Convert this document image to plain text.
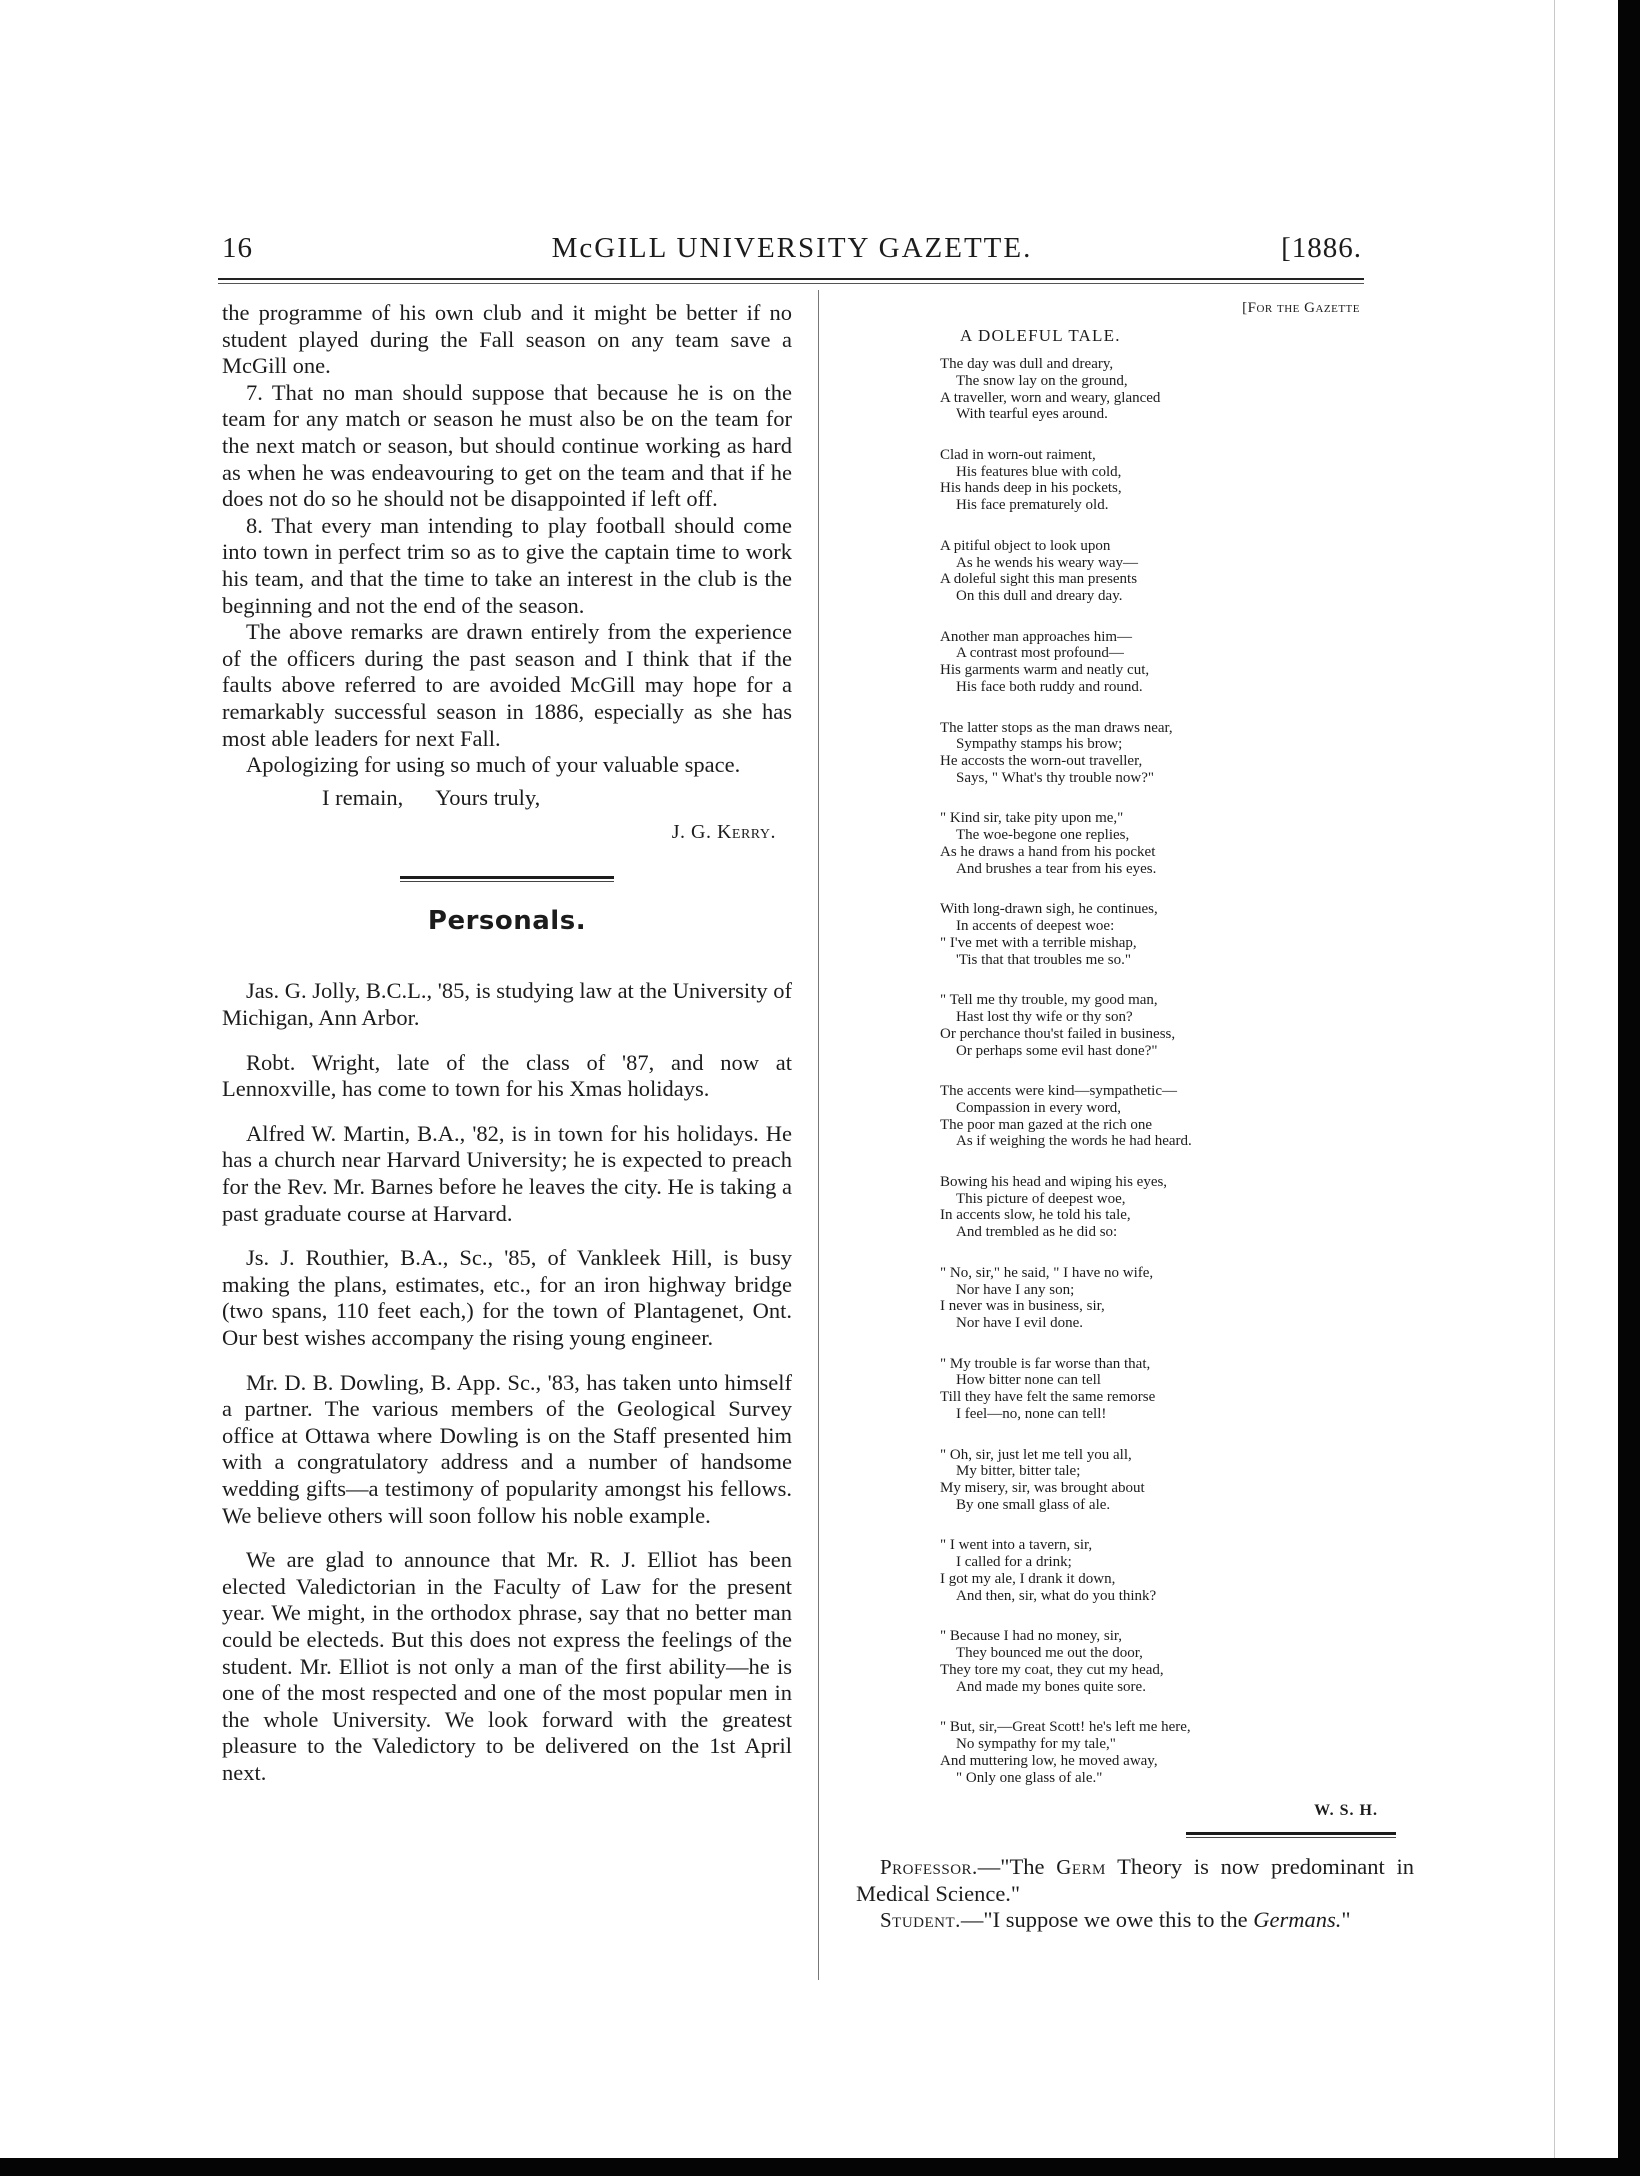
McGILL UNIVERSITY GAZETTE.
16	[1886.

the programme of his own club and it might be better if no student played during the Fall season on any team save a McGill one.

7. That no man should suppose that because he is on the team for any match or season he must also be on the team for the next match or season, but should continue working as hard as when he was endeavouring to get on the team and that if he does not do so he should not be disappointed if left off.

8. That every man intending to play football should come into town in perfect trim so as to give the captain time to work his team, and that the time to take an interest in the club is the beginning and not the end of the season.

The above remarks are drawn entirely from the experience of the officers during the past season and I think that if the faults above referred to are avoided McGill may hope for a remarkably successful season in 1886, especially as she has most able leaders for next Fall.

Apologizing for using so much of your valuable space.

I remain, Yours truly,

J. G. Kerry.

Personals.

Jas. G. Jolly, B.C.L., '85, is studying law at the University of Michigan, Ann Arbor.

Robt. Wright, late of the class of '87, and now at Lennoxville, has come to town for his Xmas holidays.

Alfred W. Martin, B.A., '82, is in town for his holidays. He has a church near Harvard University; he is expected to preach for the Rev. Mr. Barnes before he leaves the city. He is taking a past graduate course at Harvard.

Js. J. Routhier, B.A., Sc., '85, of Vankleek Hill, is busy making the plans, estimates, etc., for an iron highway bridge (two spans, 110 feet each,) for the town of Plantagenet, Ont. Our best wishes accompany the rising young engineer.

Mr. D. B. Dowling, B. App. Sc., '83, has taken unto himself a partner. The various members of the Geological Survey office at Ottawa where Dowling is on the Staff presented him with a congratulatory address and a number of handsome wedding gifts—a testimony of popularity amongst his fellows. We believe others will soon follow his noble example.

We are glad to announce that Mr. R. J. Elliot has been elected Valedictorian in the Faculty of Law for the present year. We might, in the orthodox phrase, say that no better man could be electeds. But this does not express the feelings of the student. Mr. Elliot is not only a man of the first ability—he is one of the most respected and one of the most popular men in the whole University. We look forward with the greatest pleasure to the Valedictory to be delivered on the 1st April next.

[For the Gazette
A DOLEFUL TALE.
The day was dull and dreary,
The snow lay on the ground,
A traveller, worn and weary, glanced
With tearful eyes around.
Clad in worn-out raiment,
His features blue with cold,
His hands deep in his pockets,
His face prematurely old.
A pitiful object to look upon
As he wends his weary way—
A doleful sight this man presents
On this dull and dreary day.
Another man approaches him—
A contrast most profound—
His garments warm and neatly cut,
His face both ruddy and round.
The latter stops as the man draws near,
Sympathy stamps his brow;
He accosts the worn-out traveller,
Says, " What's thy trouble now?"
" Kind sir, take pity upon me,"
The woe-begone one replies,
As he draws a hand from his pocket
And brushes a tear from his eyes.
With long-drawn sigh, he continues,
In accents of deepest woe:
" I've met with a terrible mishap,
'Tis that that troubles me so."
" Tell me thy trouble, my good man,
Hast lost thy wife or thy son?
Or perchance thou'st failed in business,
Or perhaps some evil hast done?"
The accents were kind—sympathetic—
Compassion in every word,
The poor man gazed at the rich one
As if weighing the words he had heard.
Bowing his head and wiping his eyes,
This picture of deepest woe,
In accents slow, he told his tale,
And trembled as he did so:
" No, sir," he said, " I have no wife,
Nor have I any son;
I never was in business, sir,
Nor have I evil done.
" My trouble is far worse than that,
How bitter none can tell
Till they have felt the same remorse
I feel—no, none can tell!
" Oh, sir, just let me tell you all,
My bitter, bitter tale;
My misery, sir, was brought about
By one small glass of ale.
" I went into a tavern, sir,
I called for a drink;
I got my ale, I drank it down,
And then, sir, what do you think?
" Because I had no money, sir,
They bounced me out the door,
They tore my coat, they cut my head,
And made my bones quite sore.
" But, sir,—Great Scott! he's left me here,
No sympathy for my tale,"
And muttering low, he moved away,
" Only one glass of ale."
W. S. H.

Professor.—"The Germ Theory is now predominant in Medical Science."

Student.—"I suppose we owe this to the Germans."
